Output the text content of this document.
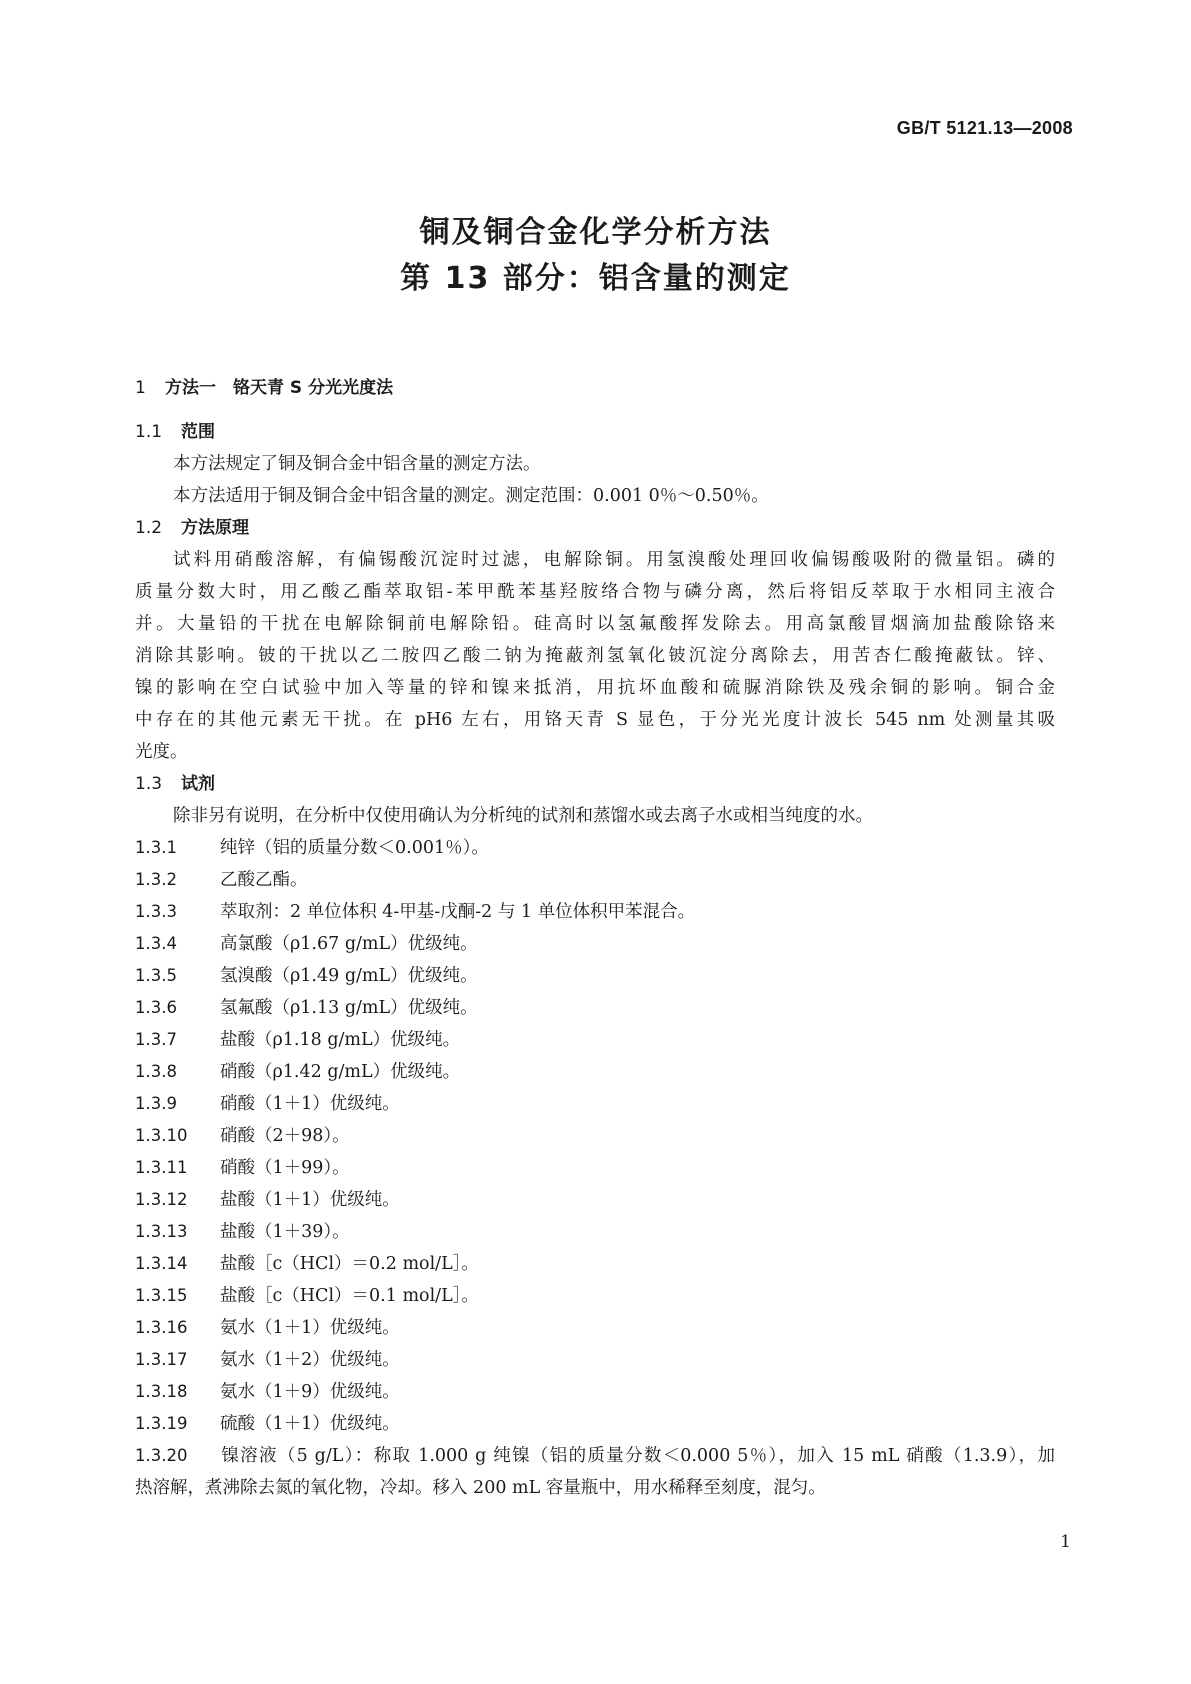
GB/T 5121.13—2008
铜及铜合金化学分析方法
第 13 部分：铝含量的测定
1 方法一　铬天青 S 分光光度法
1.1 范围
本方法规定了铜及铜合金中铝含量的测定方法。
本方法适用于铜及铜合金中铝含量的测定。测定范围：0.001 0％～0.50％。
1.2 方法原理
试料用硝酸溶解，有偏锡酸沉淀时过滤，电解除铜。用氢溴酸处理回收偏锡酸吸附的微量铝。磷的
质量分数大时，用乙酸乙酯萃取铝-苯甲酰苯基羟胺络合物与磷分离，然后将铝反萃取于水相同主液合
并。大量铅的干扰在电解除铜前电解除铅。硅高时以氢氟酸挥发除去。用高氯酸冒烟滴加盐酸除铬来
消除其影响。铍的干扰以乙二胺四乙酸二钠为掩蔽剂氢氧化铍沉淀分离除去，用苦杏仁酸掩蔽钛。锌、
镍的影响在空白试验中加入等量的锌和镍来抵消，用抗坏血酸和硫脲消除铁及残余铜的影响。铜合金
中存在的其他元素无干扰。在 pH6 左右，用铬天青 S 显色，于分光光度计波长 545 nm 处测量其吸
光度。
1.3 试剂
除非另有说明，在分析中仅使用确认为分析纯的试剂和蒸馏水或去离子水或相当纯度的水。
1.3.1 纯锌（铝的质量分数＜0.001％）。
1.3.2 乙酸乙酯。
1.3.3 萃取剂：2 单位体积 4-甲基-戊酮-2 与 1 单位体积甲苯混合。
1.3.4 高氯酸（ρ1.67 g/mL）优级纯。
1.3.5 氢溴酸（ρ1.49 g/mL）优级纯。
1.3.6 氢氟酸（ρ1.13 g/mL）优级纯。
1.3.7 盐酸（ρ1.18 g/mL）优级纯。
1.3.8 硝酸（ρ1.42 g/mL）优级纯。
1.3.9 硝酸（1＋1）优级纯。
1.3.10 硝酸（2＋98）。
1.3.11 硝酸（1＋99）。
1.3.12 盐酸（1＋1）优级纯。
1.3.13 盐酸（1＋39）。
1.3.14 盐酸［c（HCl）＝0.2 mol/L］。
1.3.15 盐酸［c（HCl）＝0.1 mol/L］。
1.3.16 氨水（1＋1）优级纯。
1.3.17 氨水（1＋2）优级纯。
1.3.18 氨水（1＋9）优级纯。
1.3.19 硫酸（1＋1）优级纯。
1.3.20 镍溶液（5 g/L）：称取 1.000 g 纯镍（铝的质量分数＜0.000 5％），加入 15 mL 硝酸（1.3.9），加
热溶解，煮沸除去氮的氧化物，冷却。移入 200 mL 容量瓶中，用水稀释至刻度，混匀。
1
